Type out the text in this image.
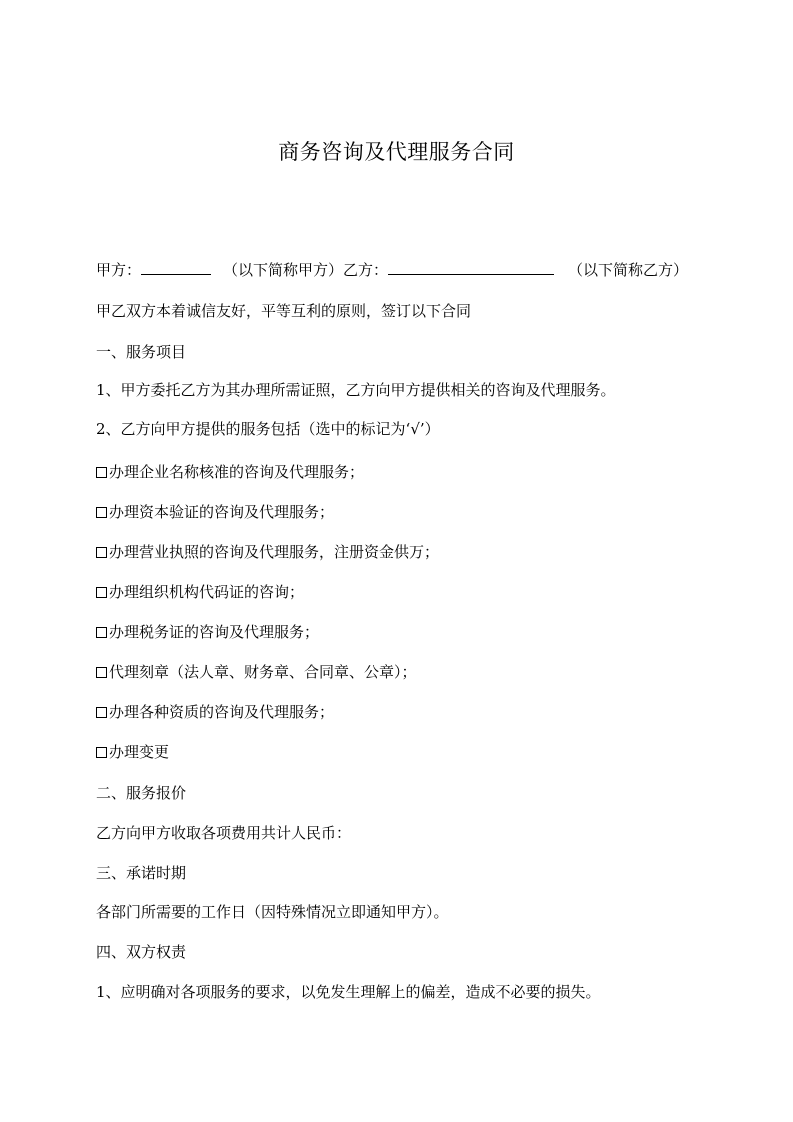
商务咨询及代理服务合同
甲方：	（以下简称甲方） 乙方：	（以下简称乙方）
甲乙双方本着诚信友好，平等互利的原则，签订以下合同
一、服务项目
1、甲方委托乙方为其办理所需证照，乙方向甲方提供相关的咨询及代理服务。
2、乙方向甲方提供的服务包括（选中的标记为‘√’）
办理企业名称核准的咨询及代理服务；
办理资本验证的咨询及代理服务；
办理营业执照的咨询及代理服务，注册资金供万；
办理组织机构代码证的咨询；
办理税务证的咨询及代理服务；
代理刻章（法人章、财务章、合同章、公章）；
办理各种资质的咨询及代理服务；
办理变更
二、服务报价
乙方向甲方收取各项费用共计人民币：
三、承诺时期
各部门所需要的工作日（因特殊情况立即通知甲方）。
四、双方权责
1、应明确对各项服务的要求，以免发生理解上的偏差，造成不必要的损失。
